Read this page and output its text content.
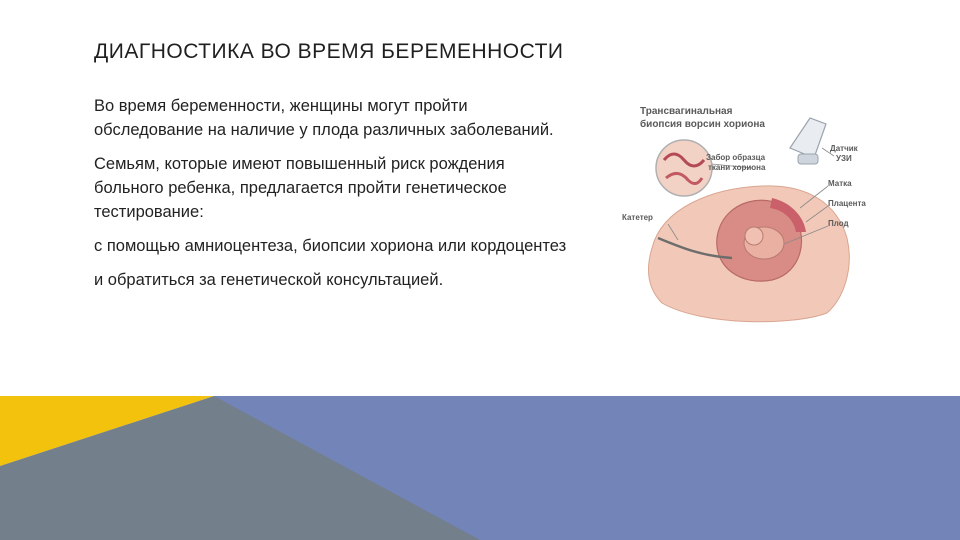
ДИАГНОСТИКА ВО ВРЕМЯ БЕРЕМЕННОСТИ

Во время беременности, женщины могут пройти обследование на наличие у плода различных заболеваний.

Семьям, которые имеют повышенный риск рождения больного ребенка, предлагается пройти генетическое тестирование:

с помощью амниоцентеза, биопсии хориона или кордоцентез

и обратиться за генетической консультацией.

Трансвагинальная
биопсия ворсин хориона
Забор образца
ткани хориона
Датчик
УЗИ
Матка
Плацента
Плод
Катетер
